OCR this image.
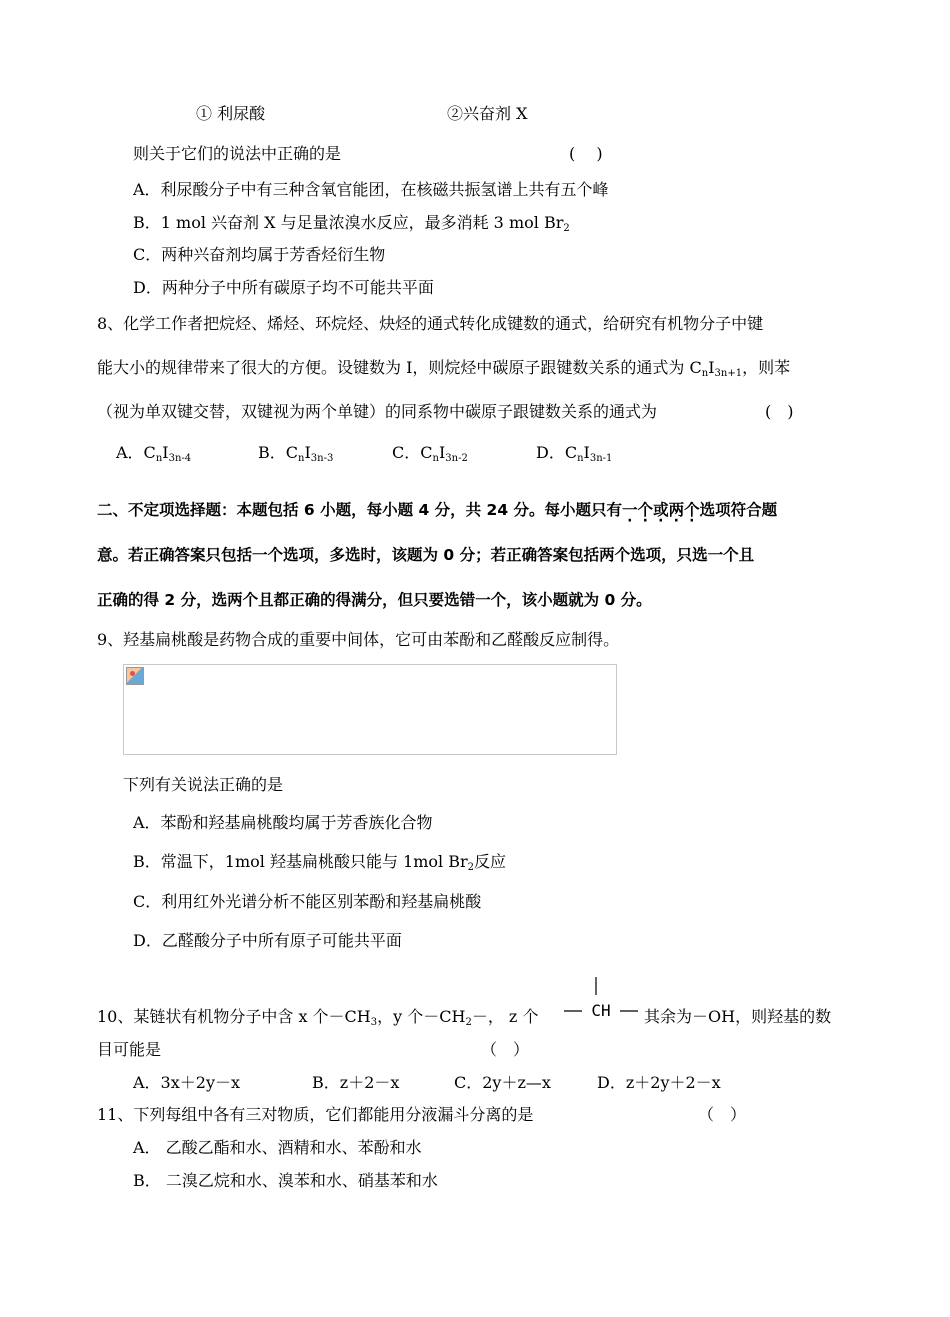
① 利尿酸	②兴奋剂 X
则关于它们的说法中正确的是	(　 )
A．利尿酸分子中有三种含氧官能团，在核磁共振氢谱上共有五个峰
B．1 mol 兴奋剂 X 与足量浓溴水反应，最多消耗 3 mol $Br_2$
C．两种兴奋剂均属于芳香烃衍生物
D．两种分子中所有碳原子均不可能共平面
8、化学工作者把烷烃、烯烃、环烷烃、炔烃的通式转化成键数的通式，给研究有机物分子中键
能大小的规律带来了很大的方便。设键数为 I，则烷烃中碳原子跟键数关系的通式为 $C_nI_{3n+1}$，则苯
（视为单双键交替，双键视为两个单键）的同系物中碳原子跟键数关系的通式为	(　)
A．$C_nI_{3n-4}$	B．$C_nI_{3n-3}$	C．$C_nI_{3n-2}$	D．$C_nI_{3n-1}$
二、不定项选择题：本题包括 6 小题，每小题 4 分，共 24 分。每小题只有一个或两个选项符合题
意。若正确答案只包括一个选项，多选时，该题为 0 分；若正确答案包括两个选项，只选一个且
正确的得 2 分，选两个且都正确的得满分，但只要选错一个，该小题就为 0 分。
9、羟基扁桃酸是药物合成的重要中间体，它可由苯酚和乙醛酸反应制得。
下列有关说法正确的是
A．苯酚和羟基扁桃酸均属于芳香族化合物
B．常温下，1mol 羟基扁桃酸只能与 1mol $Br_2$反应
C．利用红外光谱分析不能区别苯酚和羟基扁桃酸
D．乙醛酸分子中所有原子可能共平面
10、某链状有机物分子中含 x 个$-CH_3$，y 个$-CH_2-$， z 个	CH 其余为－OH，则羟基的数
目可能是	（　）
A．3x＋2y－x	B．z＋2－x	C．2y＋z—x	D．z＋2y＋2－x
11、下列每组中各有三对物质，它们都能用分液漏斗分离的是	（　）
A． 乙酸乙酯和水、酒精和水、苯酚和水
B． 二溴乙烷和水、溴苯和水、硝基苯和水
